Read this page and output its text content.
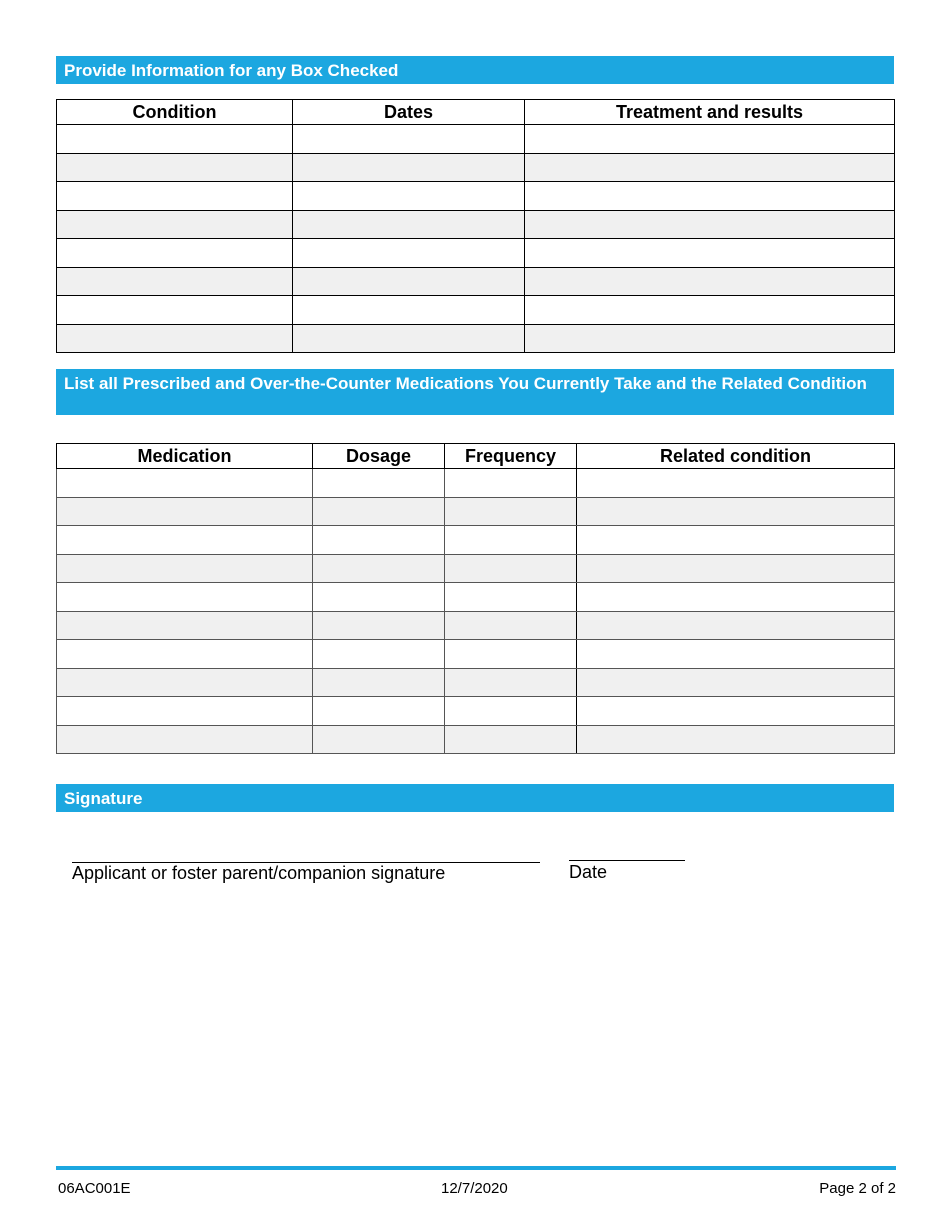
Provide Information for any Box Checked
Condition	Dates	Treatment and results

List all Prescribed and Over-the-Counter Medications You Currently Take and the Related Condition
Medication	Dosage	Frequency	Related condition

Signature
Applicant or foster parent/companion signature	Date
06AC001E	12/7/2020	Page 2 of 2
